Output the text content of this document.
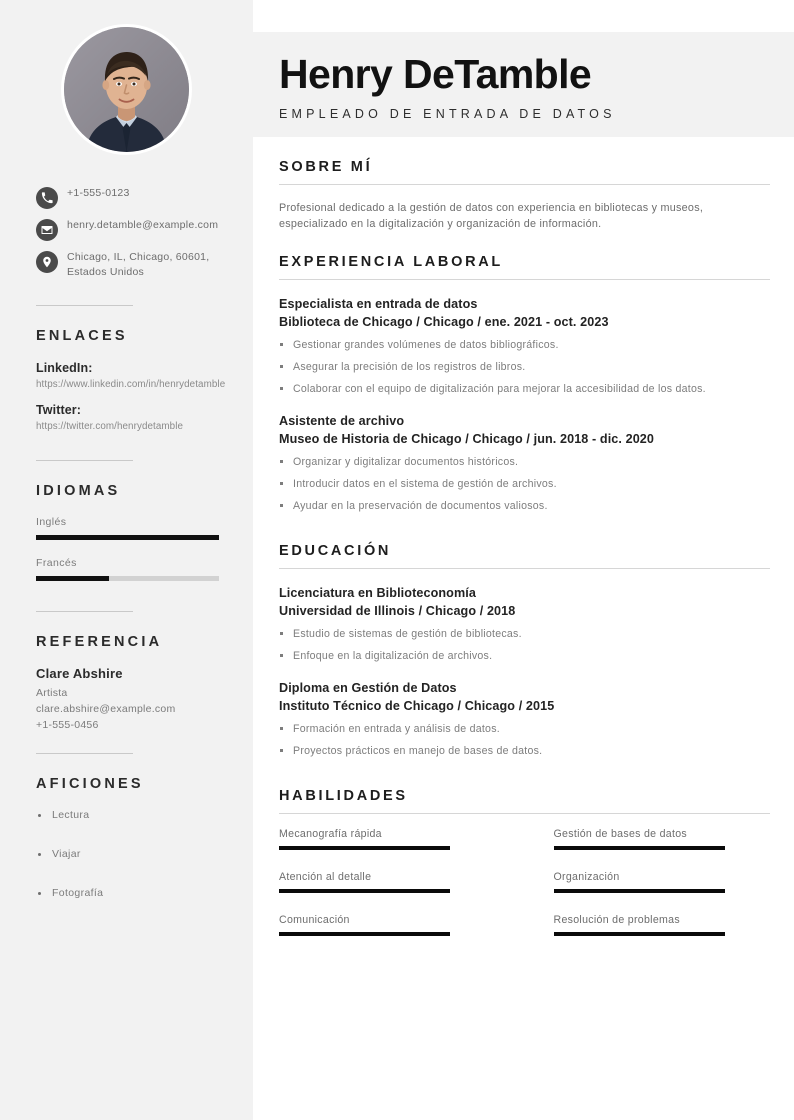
+1-555-0123
henry.detamble@example.com
Chicago, IL, Chicago, 60601, Estados Unidos
ENLACES
LinkedIn:
https://www.linkedin.com/in/henrydetamble
Twitter:
https://twitter.com/henrydetamble
IDIOMAS
Inglés
Francés
REFERENCIA
Clare Abshire
Artista
clare.abshire@example.com
+1-555-0456
AFICIONES
Lectura
Viajar
Fotografía
Henry DeTamble
EMPLEADO DE ENTRADA DE DATOS
SOBRE MÍ
Profesional dedicado a la gestión de datos con experiencia en bibliotecas y museos, especializado en la digitalización y organización de información.
EXPERIENCIA LABORAL
Especialista en entrada de datos
Biblioteca de Chicago / Chicago / ene. 2021 - oct. 2023
Gestionar grandes volúmenes de datos bibliográficos.
Asegurar la precisión de los registros de libros.
Colaborar con el equipo de digitalización para mejorar la accesibilidad de los datos.
Asistente de archivo
Museo de Historia de Chicago / Chicago / jun. 2018 - dic. 2020
Organizar y digitalizar documentos históricos.
Introducir datos en el sistema de gestión de archivos.
Ayudar en la preservación de documentos valiosos.
EDUCACIÓN
Licenciatura en Biblioteconomía
Universidad de Illinois / Chicago / 2018
Estudio de sistemas de gestión de bibliotecas.
Enfoque en la digitalización de archivos.
Diploma en Gestión de Datos
Instituto Técnico de Chicago / Chicago / 2015
Formación en entrada y análisis de datos.
Proyectos prácticos en manejo de bases de datos.
HABILIDADES
Mecanografía rápida	Gestión de bases de datos
Atención al detalle	Organización
Comunicación	Resolución de problemas
